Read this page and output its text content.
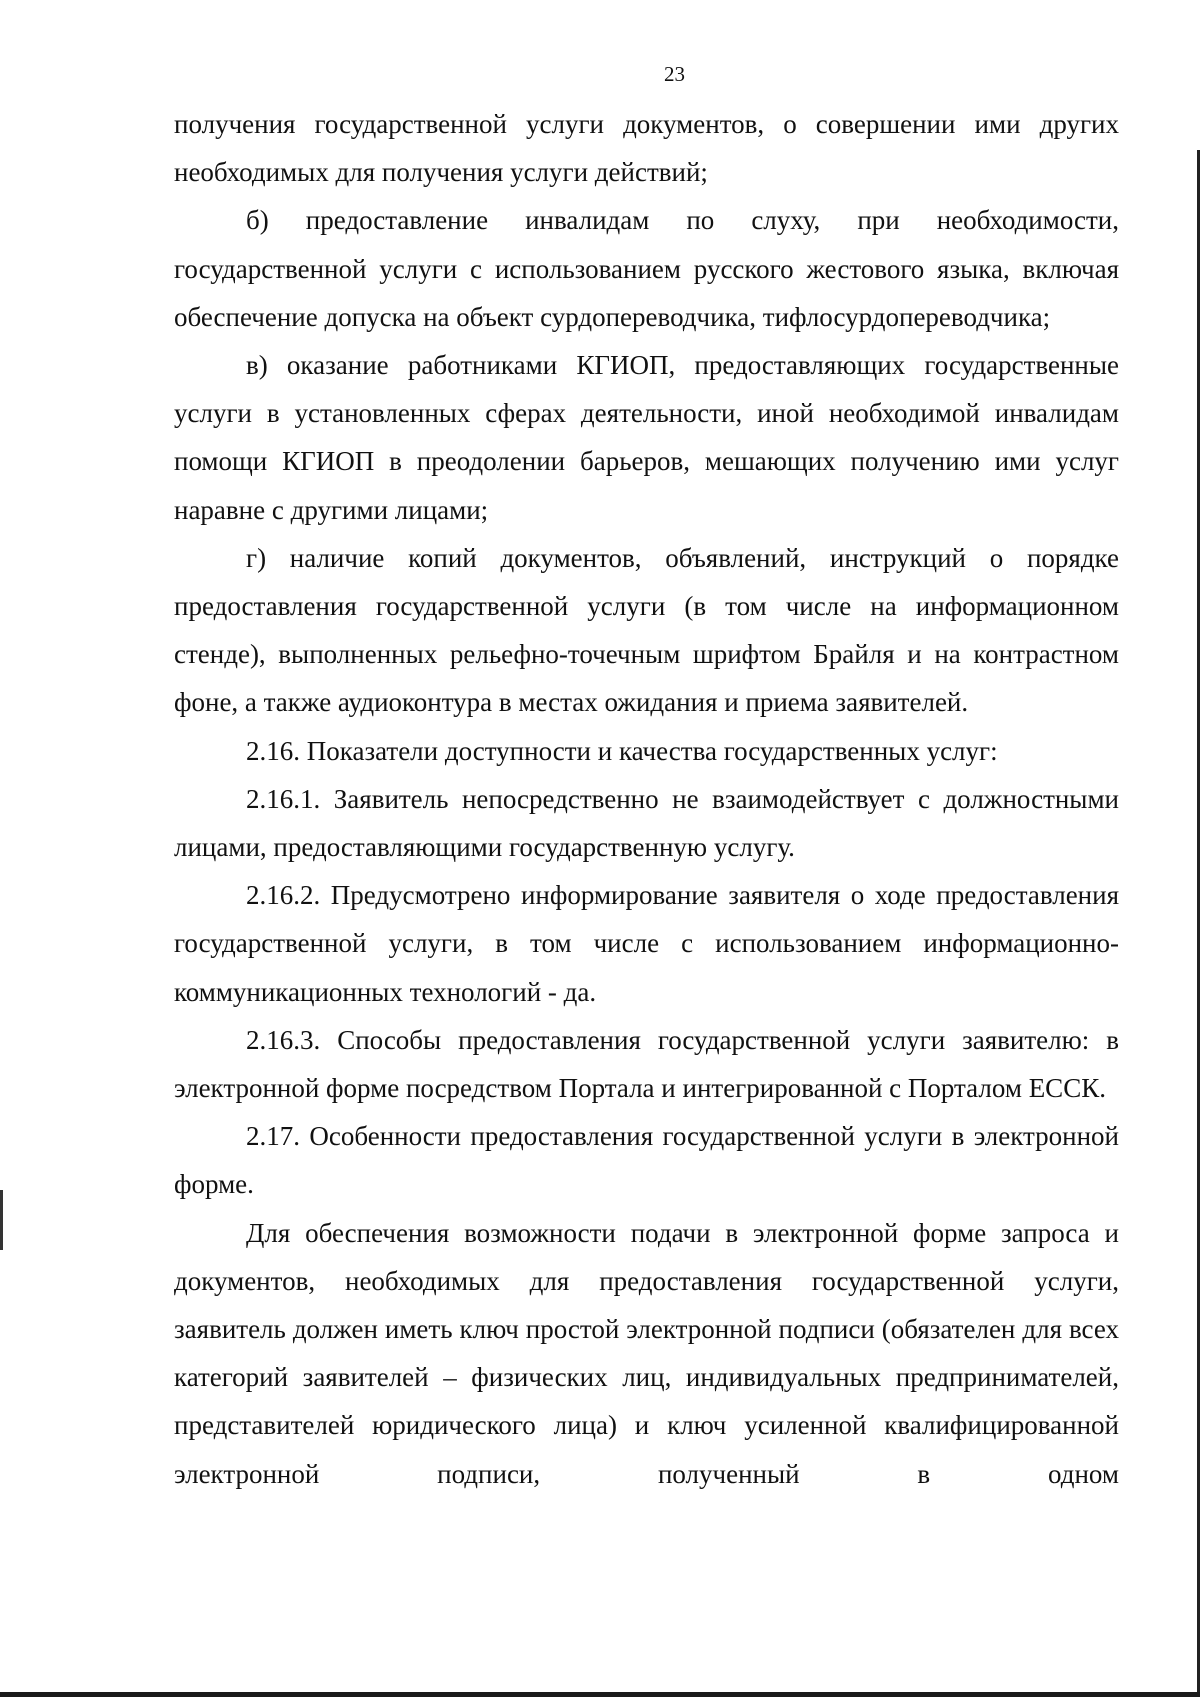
23

получения государственной услуги документов, о совершении ими других необходимых для получения услуги действий;

б) предоставление инвалидам по слуху, при необходимости, государственной услуги с использованием русского жестового языка, включая обеспечение допуска на объект сурдопереводчика, тифлосурдопереводчика;

в) оказание работниками КГИОП, предоставляющих государственные услуги в установленных сферах деятельности, иной необходимой инвалидам помощи КГИОП в преодолении барьеров, мешающих получению ими услуг наравне с другими лицами;

г) наличие копий документов, объявлений, инструкций о порядке предоставления государственной услуги (в том числе на информационном стенде), выполненных рельефно-точечным шрифтом Брайля и на контрастном фоне, а также аудиоконтура в местах ожидания и приема заявителей.

2.16. Показатели доступности и качества государственных услуг:

2.16.1. Заявитель непосредственно не взаимодействует с должностными лицами, предоставляющими государственную услугу.

2.16.2. Предусмотрено информирование заявителя о ходе предоставления государственной услуги, в том числе с использованием информационно-коммуникационных технологий - да.

2.16.3. Способы предоставления государственной услуги заявителю: в электронной форме посредством Портала и интегрированной с Порталом ЕССК.

2.17. Особенности предоставления государственной услуги в электронной форме.

Для обеспечения возможности подачи в электронной форме запроса и документов, необходимых для предоставления государственной услуги, заявитель должен иметь ключ простой электронной подписи (обязателен для всех категорий заявителей – физических лиц, индивидуальных предпринимателей, представителей юридического лица) и ключ усиленной квалифицированной электронной подписи, полученный в одном
